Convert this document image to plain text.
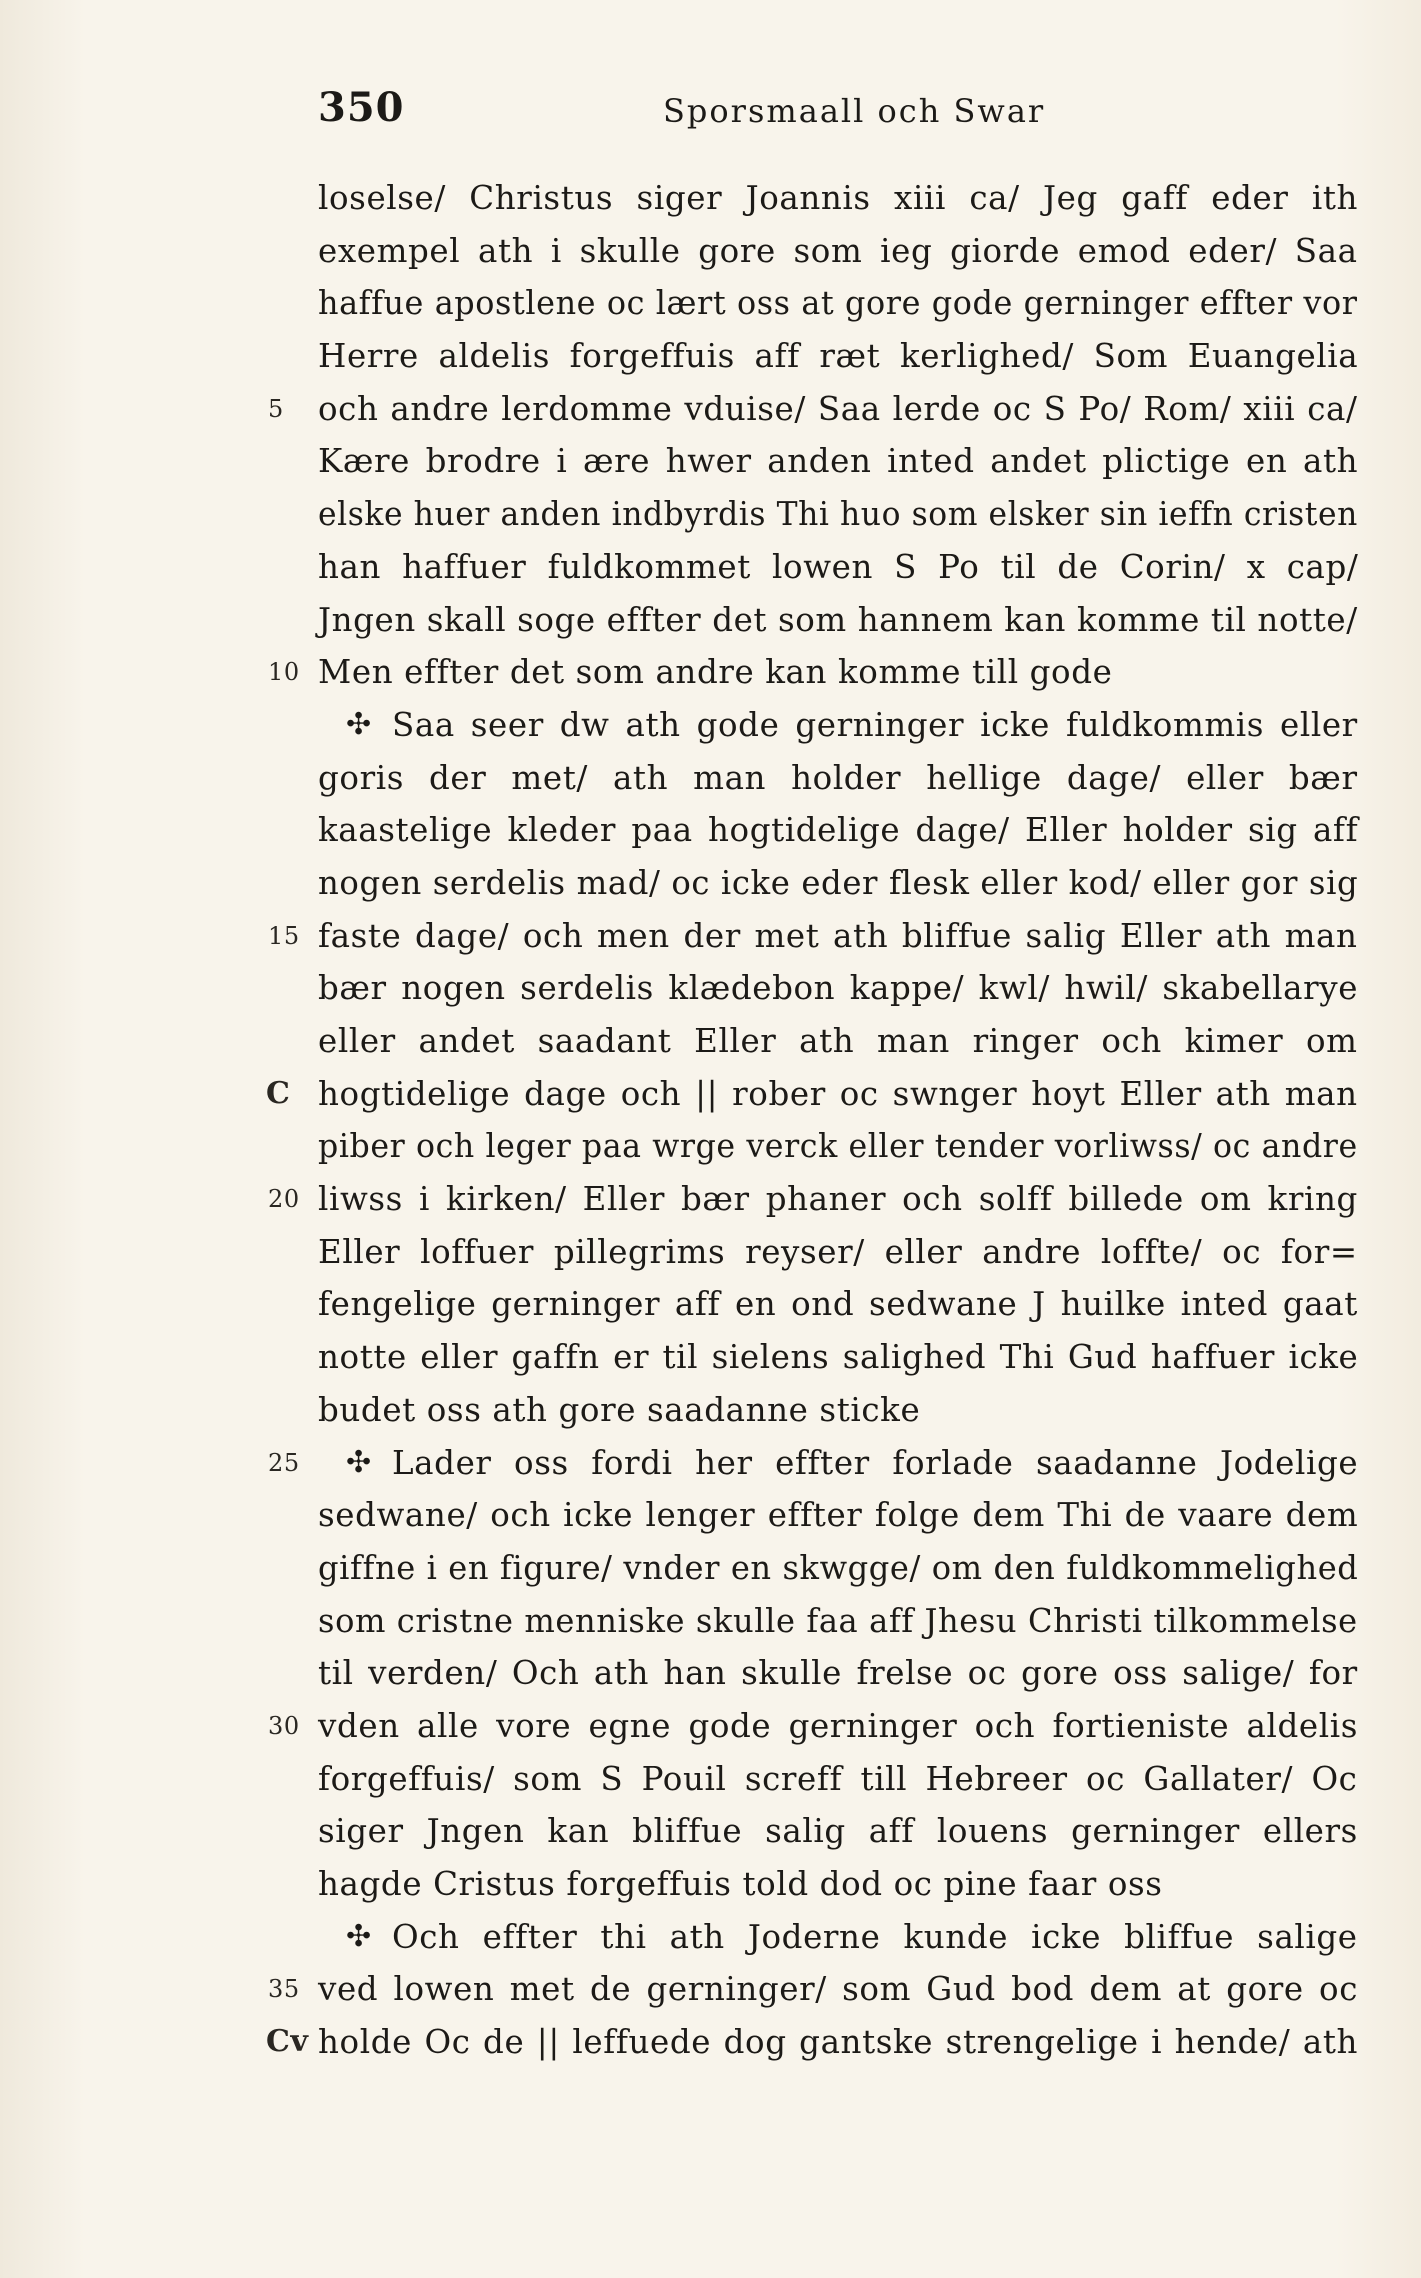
350	Sporsmaall och Swar
loselse/ Christus siger Joannis xiii ca/ Jeg gaff eder ith
exempel ath i skulle gore som ieg giorde emod eder/ Saa
haffue apostlene oc lært oss at gore gode gerninger effter vor
Herre aldelis forgeffuis aff ræt kerlighed/ Som Euangelia
5	och andre lerdomme vduise/ Saa lerde oc S Po/ Rom/ xiii ca/
Kære brodre i ære hwer anden inted andet plictige en ath
elske huer anden indbyrdis Thi huo som elsker sin ieffn cristen
han haffuer fuldkommet lowen S Po til de Corin/ x cap/
Jngen skall soge effter det som hannem kan komme til notte/
10 Men effter det som andre kan komme till gode
✣ Saa seer dw ath gode gerninger icke fuldkommis eller
goris der met/ ath man holder hellige dage/ eller bær
kaastelige kleder paa hogtidelige dage/ Eller holder sig aff
nogen serdelis mad/ oc icke eder flesk eller kod/ eller gor sig
15 faste dage/ och men der met ath bliffue salig Eller ath man
bær nogen serdelis klædebon kappe/ kwl/ hwil/ skabellarye
eller andet saadant Eller ath man ringer och kimer om
C hogtidelige dage och || rober oc swnger hoyt Eller ath man
piber och leger paa wrge verck eller tender vorliwss/ oc andre
20 liwss i kirken/ Eller bær phaner och solff billede om kring
Eller loffuer pillegrims reyser/ eller andre loffte/ oc for=
fengelige gerninger aff en ond sedwane J huilke inted gaat
notte eller gaffn er til sielens salighed Thi Gud haffuer icke
budet oss ath gore saadanne sticke
25 ✣ Lader oss fordi her effter forlade saadanne Jodelige
sedwane/ och icke lenger effter folge dem Thi de vaare dem
giffne i en figure/ vnder en skwgge/ om den fuldkommelighed
som cristne menniske skulle faa aff Jhesu Christi tilkommelse
til verden/ Och ath han skulle frelse oc gore oss salige/ for
30 vden alle vore egne gode gerninger och fortieniste aldelis
forgeffuis/ som S Pouil screff till Hebreer oc Gallater/ Oc
siger Jngen kan bliffue salig aff louens gerninger ellers
hagde Cristus forgeffuis told dod oc pine faar oss
✣ Och effter thi ath Joderne kunde icke bliffue salige
35 ved lowen met de gerninger/ som Gud bod dem at gore oc
Cv holde Oc de || leffuede dog gantske strengelige i hende/ ath
